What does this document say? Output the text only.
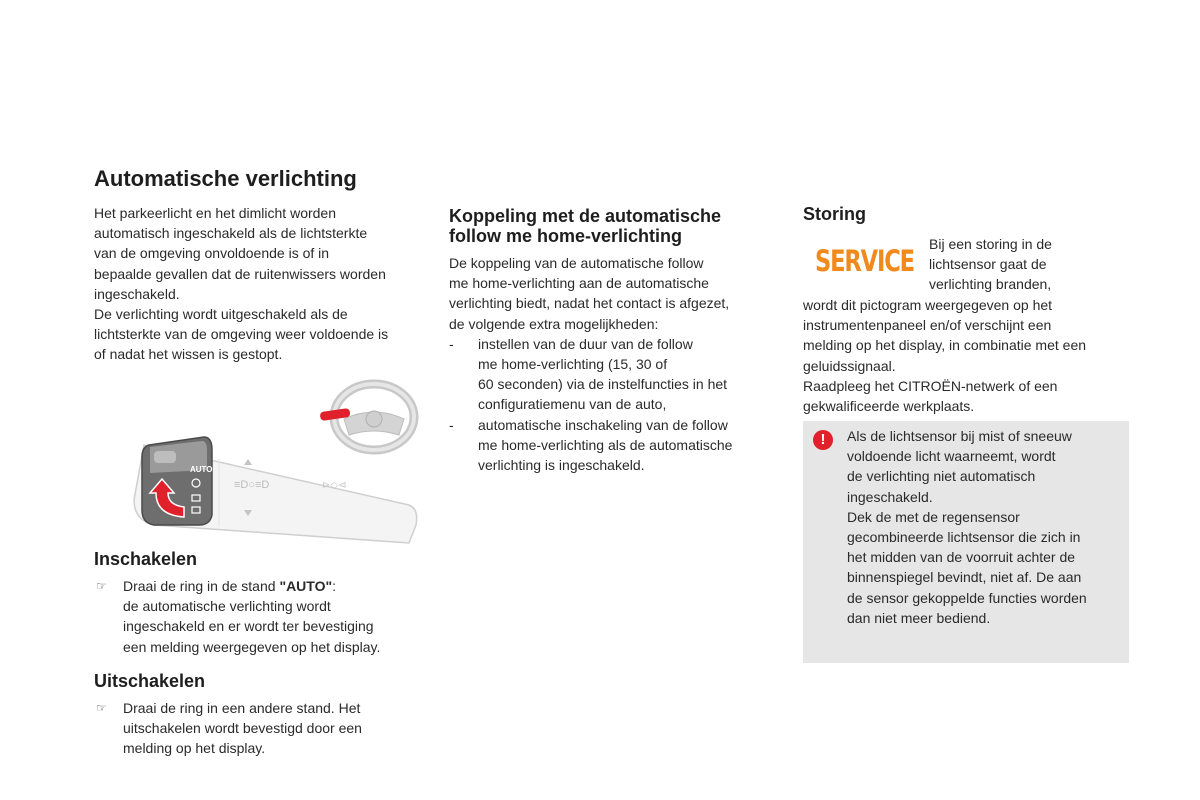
Automatische verlichting

Het parkeerlicht en het dimlicht worden

automatisch ingeschakeld als de lichtsterkte

van de omgeving onvoldoende is of in

bepaalde gevallen dat de ruitenwissers worden

ingeschakeld.

De verlichting wordt uitgeschakeld als de

lichtsterkte van de omgeving weer voldoende is

of nadat het wissen is gestopt.

≡D○≡D	⊳◇⊲
AUTO
Inschakelen
☞ Draai de ring in de stand "AUTO":
de automatische verlichting wordt
ingeschakeld en er wordt ter bevestiging
een melding weergegeven op het display.
Uitschakelen
☞ Draai de ring in een andere stand. Het
uitschakelen wordt bevestigd door een
melding op het display.
Koppeling met de automatische
follow me home-verlichting

De koppeling van de automatische follow

me home-verlichting aan de automatische

verlichting biedt, nadat het contact is afgezet,

de volgende extra mogelijkheden:

- instellen van de duur van de follow
me home-verlichting (15, 30 of
60 seconden) via de instelfuncties in het
configuratiemenu van de auto,
- automatische inschakeling van de follow
me home-verlichting als de automatische
verlichting is ingeschakeld.
Storing
SERVICE Bij een storing in de

lichtsensor gaat de

verlichting branden,

wordt dit pictogram weergegeven op het

instrumentenpaneel en/of verschijnt een

melding op het display, in combinatie met een

geluidssignaal.

Raadpleeg het CITROËN-netwerk of een

gekwalificeerde werkplaats.

!	Als de lichtsensor bij mist of sneeuw

voldoende licht waarneemt, wordt

de verlichting niet automatisch

ingeschakeld.

Dek de met de regensensor

gecombineerde lichtsensor die zich in

het midden van de voorruit achter de

binnenspiegel bevindt, niet af. De aan

de sensor gekoppelde functies worden

dan niet meer bediend.
